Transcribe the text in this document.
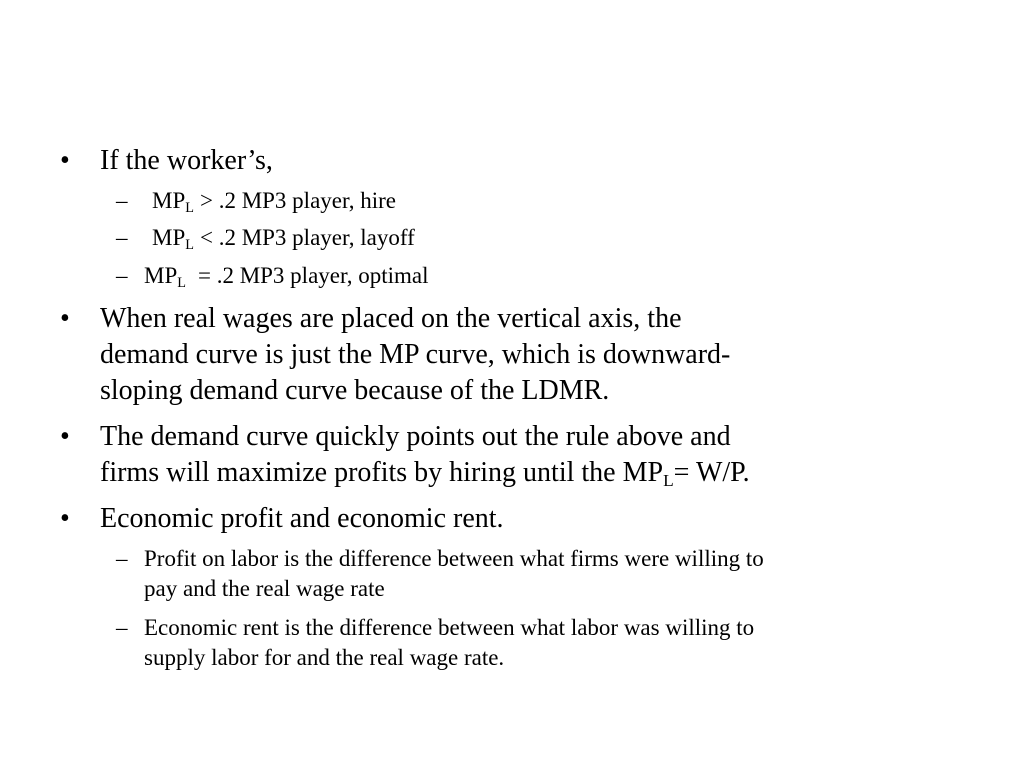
• If the worker’s,
– $MP_L > .2$ MP3 player, hire
– $MP_L < .2$ MP3 player, layoff
– $MP_L = .2$ MP3 player, optimal
• When real wages are placed on the vertical axis, the
demand curve is just the MP curve, which is downward-
sloping demand curve because of the LDMR.
• The demand curve quickly points out the rule above and
firms will maximize profits by hiring until the $MP_L= W/P$.
• Economic profit and economic rent.
– Profit on labor is the difference between what firms were willing to
pay and the real wage rate
– Economic rent is the difference between what labor was willing to
supply labor for and the real wage rate.
